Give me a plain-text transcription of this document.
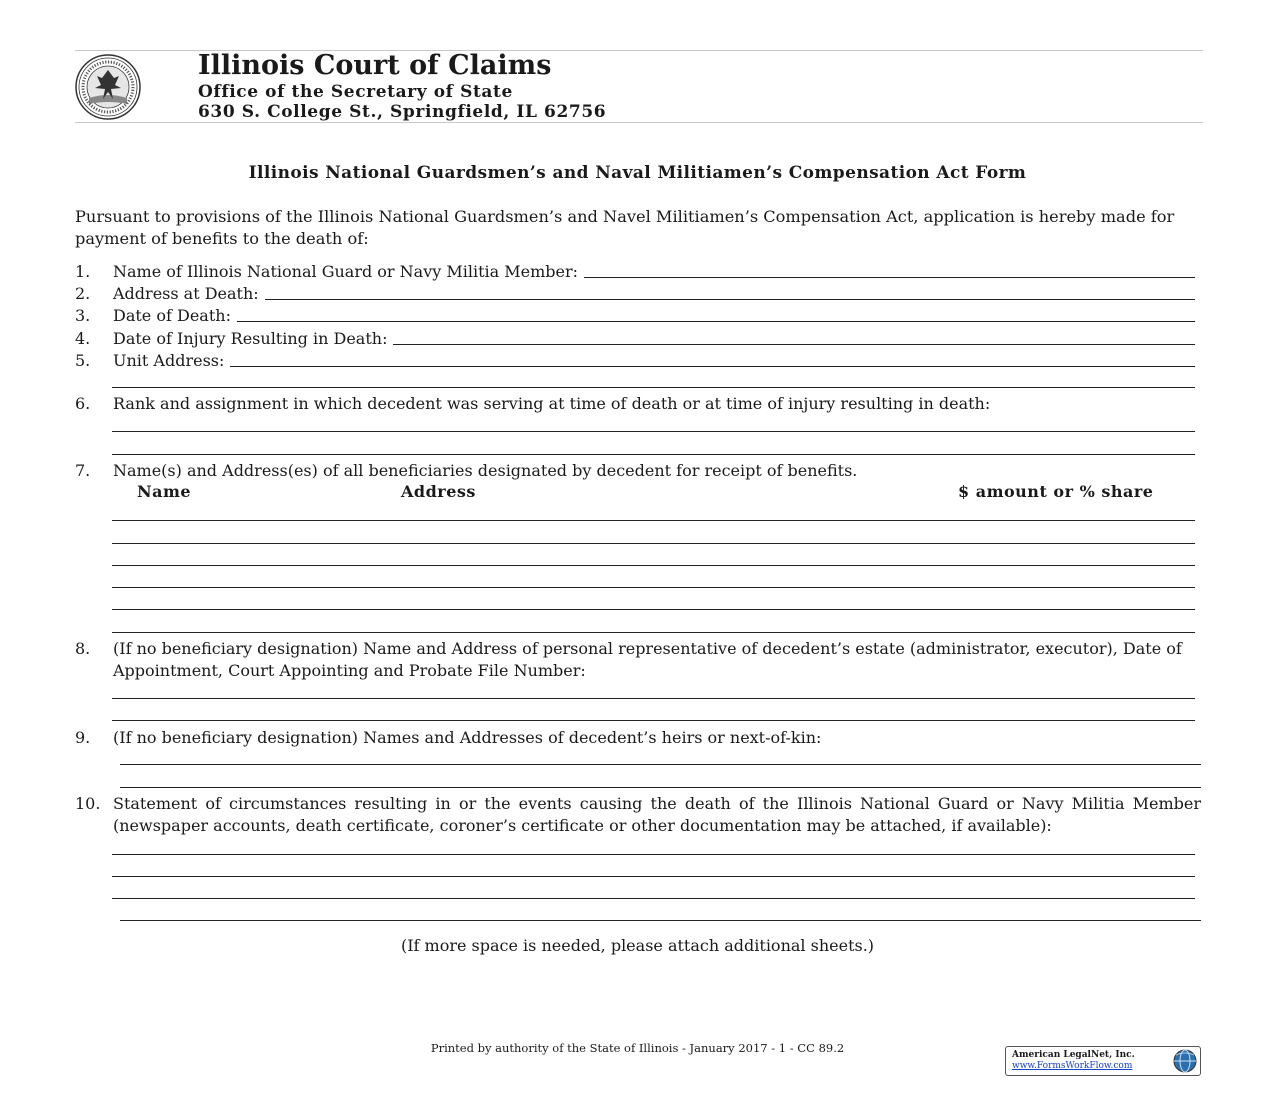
Illinois Court of Claims
Office of the Secretary of State
630 S. College St., Springfield, IL 62756
Illinois National Guardsmen’s and Naval Militiamen’s Compensation Act Form
Pursuant to provisions of the Illinois National Guardsmen’s and Navel Militiamen’s Compensation Act, application is hereby made for payment of benefits to the death of:
1.	Name of Illinois National Guard or Navy Militia Member:
2.	Address at Death:
3.	Date of Death:
4.	Date of Injury Resulting in Death:
5.	Unit Address:
6. Rank and assignment in which decedent was serving at time of death or at time of injury resulting in death:
7. Name(s) and Address(es) of all beneficiaries designated by decedent for receipt of benefits.
Name	Address	$ amount or % share
8.	(If no beneficiary designation) Name and Address of personal representative of decedent’s estate (administrator, executor), Date of Appointment, Court Appointing and Probate File Number:
9. (If no beneficiary designation) Names and Addresses of decedent’s heirs or next-of-kin:
10. Statement of circumstances resulting in or the events causing the death of the Illinois National Guard or Navy Militia Member (newspaper accounts, death certificate, coroner’s certificate or other documentation may be attached, if available):
(If more space is needed, please attach additional sheets.)
Printed by authority of the State of Illinois - January 2017 - 1 - CC 89.2	American LegalNet, Inc.
www.FormsWorkFlow.com
